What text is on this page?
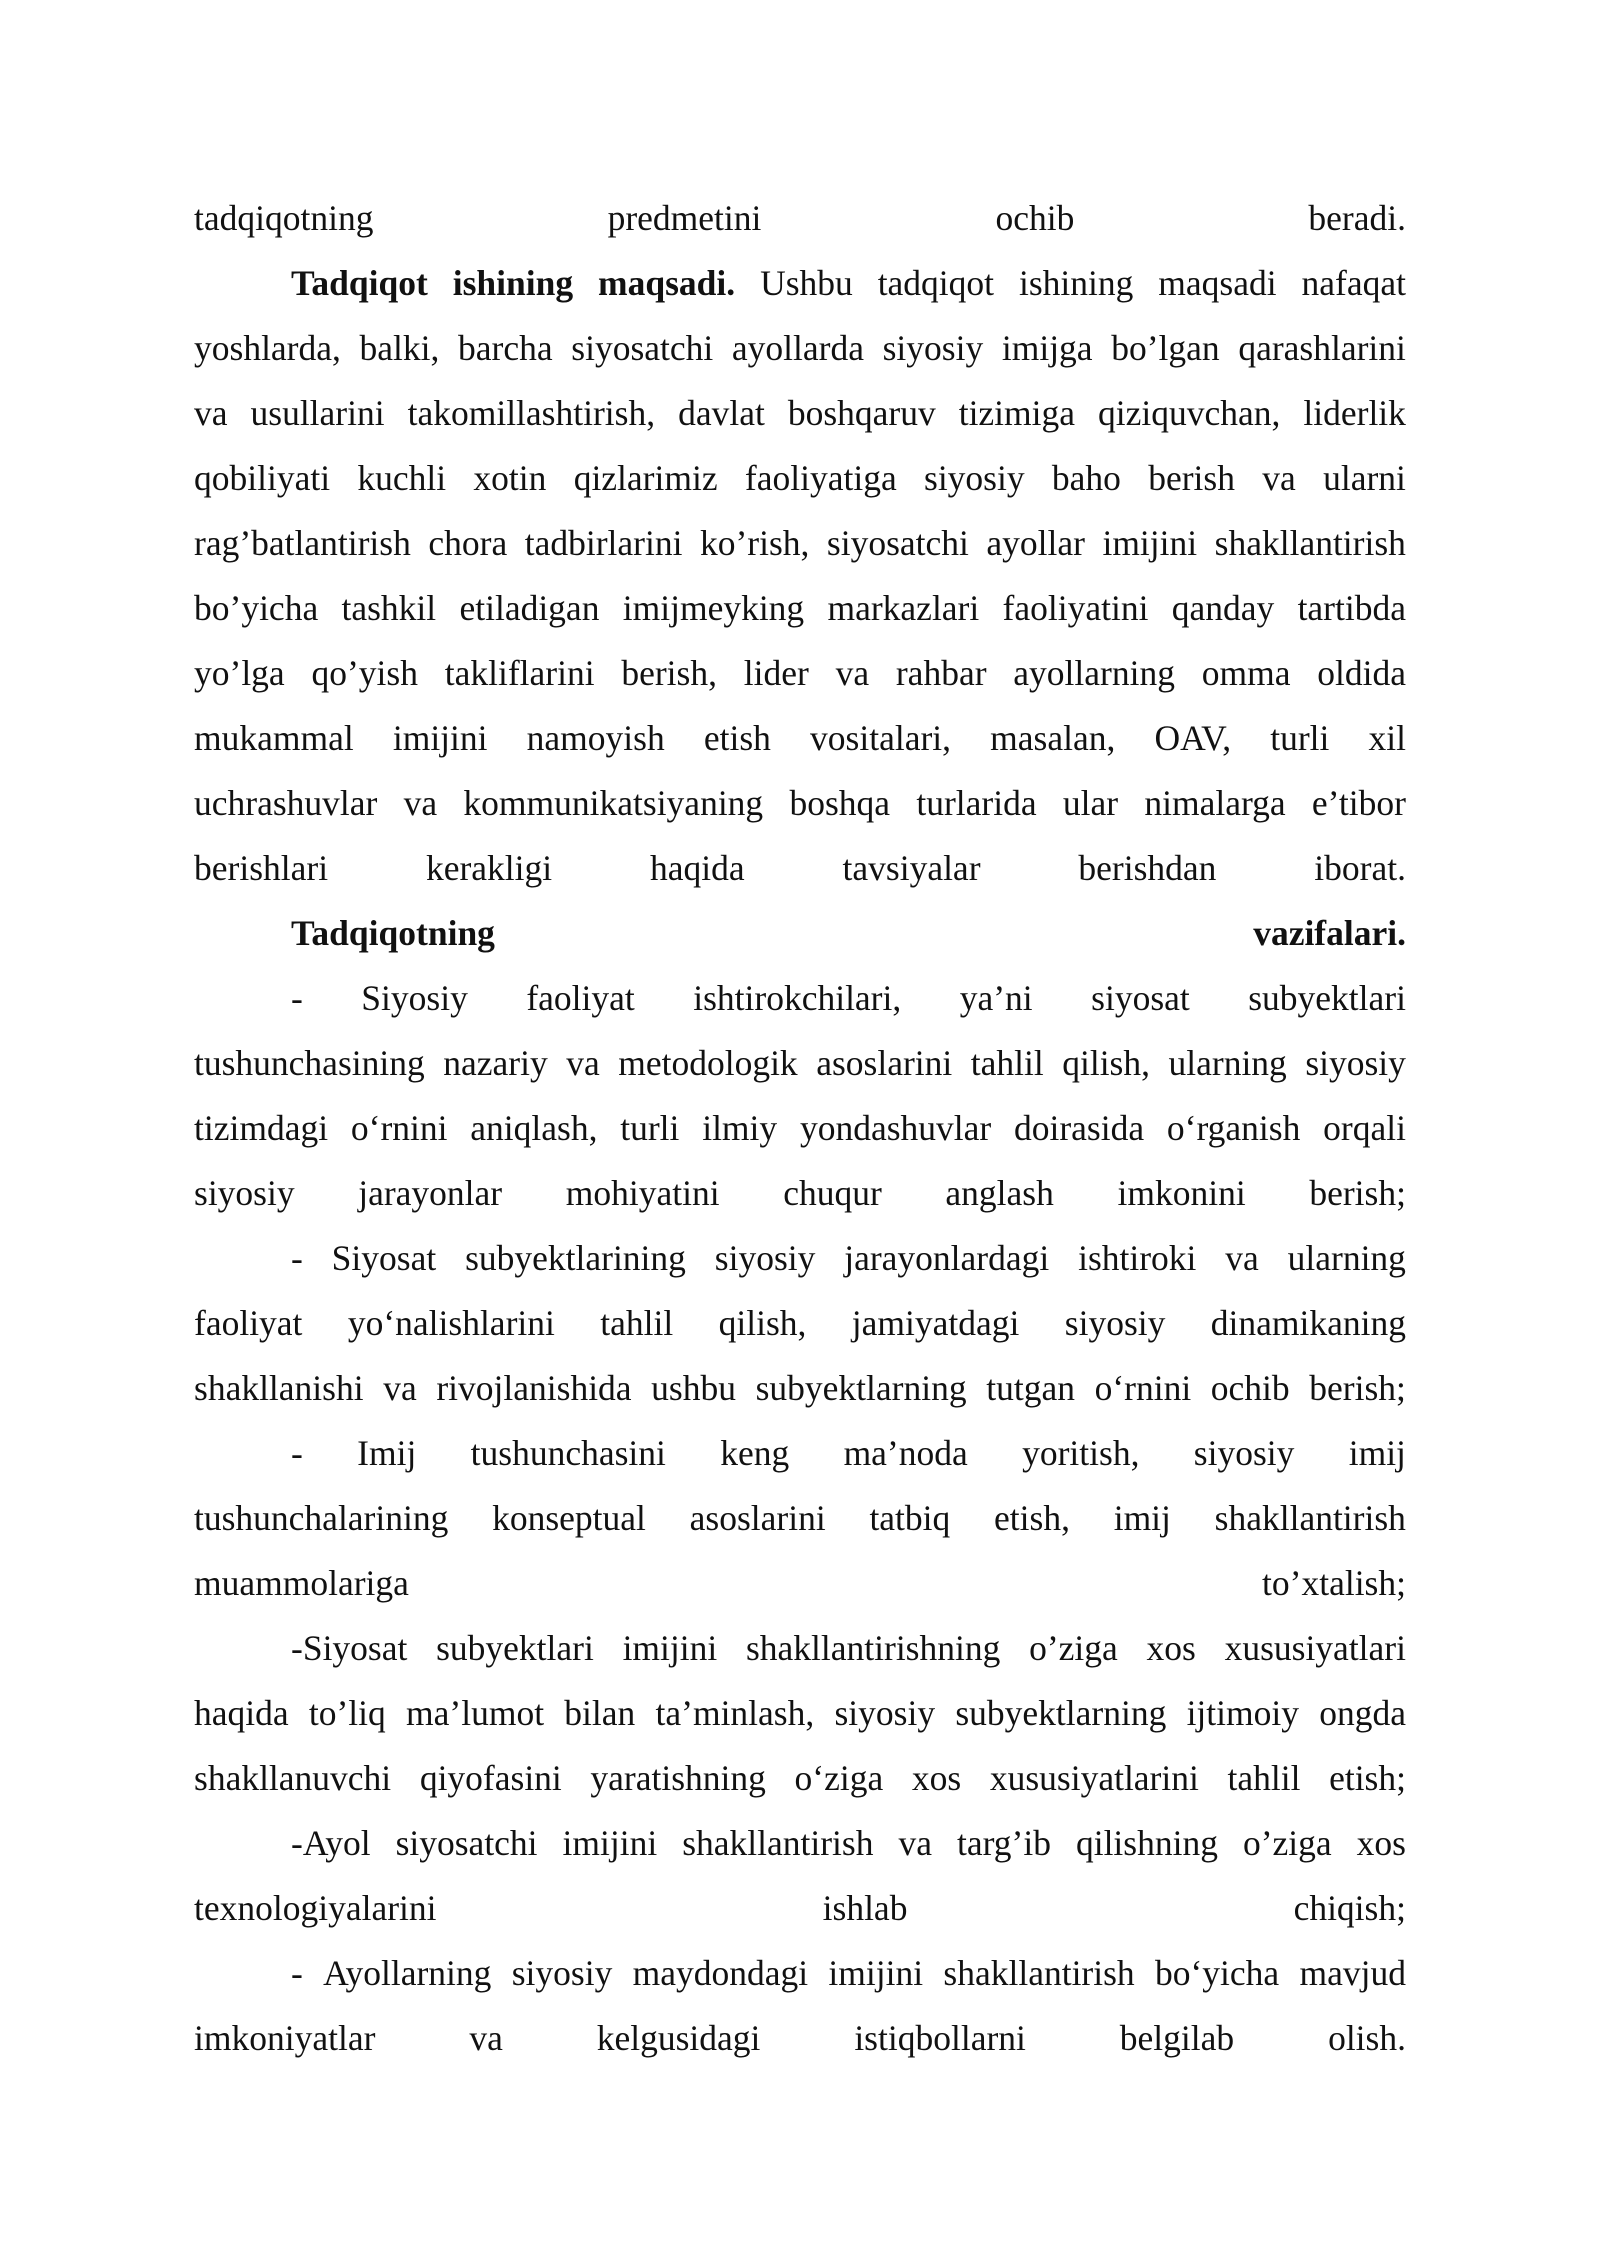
tadqiqotning	predmetini	ochib	beradi.
Tadqiqot ishining maqsadi. Ushbu tadqiqot ishining maqsadi nafaqat
yoshlarda, balki, barcha siyosatchi ayollarda siyosiy imijga bo’lgan qarashlarini
va usullarini takomillashtirish, davlat boshqaruv tizimiga qiziquvchan, liderlik
qobiliyati kuchli xotin qizlarimiz faoliyatiga siyosiy baho berish va ularni
rag’batlantirish chora tadbirlarini ko’rish, siyosatchi ayollar imijini shakllantirish
bo’yicha tashkil etiladigan imijmeyking markazlari faoliyatini qanday tartibda
yo’lga qo’yish takliflarini berish, lider va rahbar ayollarning omma oldida
mukammal imijini namoyish etish vositalari, masalan, OAV, turli xil
uchrashuvlar va kommunikatsiyaning boshqa turlarida ular nimalarga e’tibor
berishlari	kerakligi	haqida	tavsiyalar	berishdan	iborat.
Tadqiqotning	vazifalari.
- Siyosiy faoliyat ishtirokchilari, ya’ni siyosat subyektlari
tushunchasining nazariy va metodologik asoslarini tahlil qilish, ularning siyosiy
tizimdagi o‘rnini aniqlash, turli ilmiy yondashuvlar doirasida o‘rganish orqali
siyosiy jarayonlar mohiyatini chuqur anglash imkonini berish;
- Siyosat subyektlarining siyosiy jarayonlardagi ishtiroki va ularning
faoliyat yo‘nalishlarini tahlil qilish, jamiyatdagi siyosiy dinamikaning
shakllanishi va rivojlanishida ushbu subyektlarning tutgan o‘rnini ochib berish;
- Imij tushunchasini keng ma’noda yoritish, siyosiy imij
tushunchalarining konseptual asoslarini tatbiq etish, imij shakllantirish
muammolariga	to’xtalish;
-Siyosat subyektlari imijini shakllantirishning o’ziga xos xususiyatlari
haqida to’liq ma’lumot bilan ta’minlash, siyosiy subyektlarning ijtimoiy ongda
shakllanuvchi qiyofasini yaratishning o‘ziga xos xususiyatlarini tahlil etish;
-Ayol siyosatchi imijini shakllantirish va targ’ib qilishning o’ziga xos
texnologiyalarini	ishlab	chiqish;
- Ayollarning siyosiy maydondagi imijini shakllantirish bo‘yicha mavjud
imkoniyatlar	va	kelgusidagi	istiqbollarni	belgilab	olish.
